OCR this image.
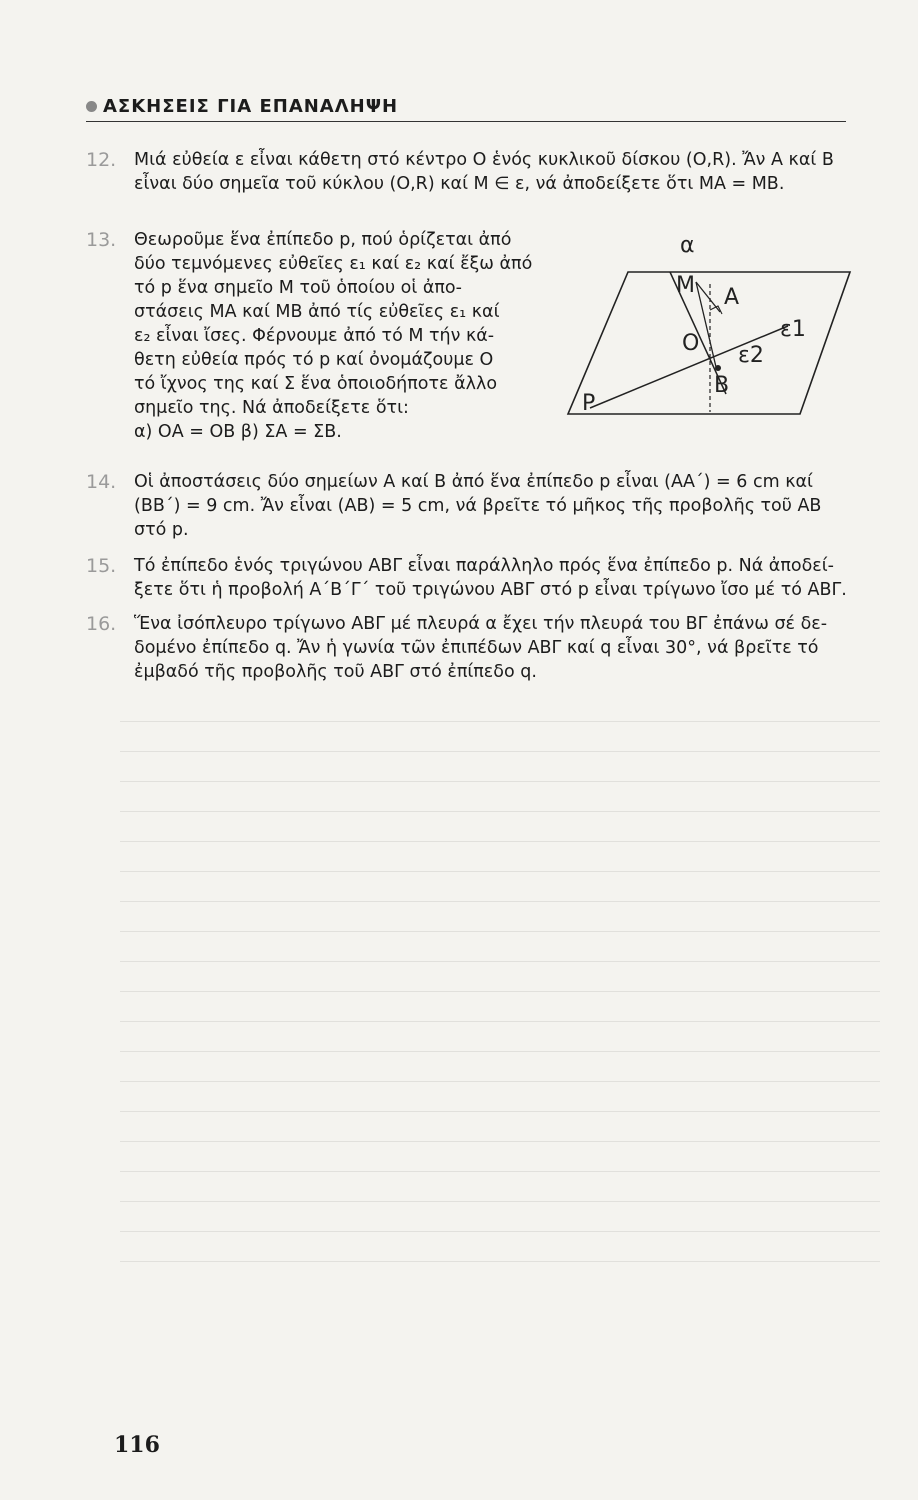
ΑΣΚΗΣΕΙΣ ΓΙΑ ΕΠΑΝΑΛΗΨΗ
12. Μιά εὐθεία ε εἶναι κάθετη στό κέντρο Ο ἑνός κυκλικοῦ δίσκου (Ο,R). Ἄν Α καί Β
εἶναι δύο σημεῖα τοῦ κύκλου (Ο,R) καί Μ ∈ ε, νά ἀποδείξετε ὅτι ΜΑ = ΜΒ.
13. Θεωροῦμε ἕνα ἐπίπεδο p, πού ὁρίζεται ἀπό
δύο τεμνόμενες εὐθεῖες ε₁ καί ε₂ καί ἔξω ἀπό
τό p ἕνα σημεῖο Μ τοῦ ὁποίου οἱ ἀπο-
στάσεις ΜΑ καί ΜΒ ἀπό τίς εὐθεῖες ε₁ καί
ε₂ εἶναι ἴσες. Φέρνουμε ἀπό τό Μ τήν κά-
θετη εὐθεία πρός τό p καί ὀνομάζουμε Ο
τό ἴχνος της καί Σ ἕνα ὁποιοδήποτε ἄλλο
σημεῖο της. Νά ἀποδείξετε ὅτι:
α) ΟΑ = ΟΒ β) ΣΑ = ΣΒ.
α
M A
O
ε1
ε2
B
P
14. Οἱ ἀποστάσεις δύο σημείων Α καί Β ἀπό ἕνα ἐπίπεδο p εἶναι (ΑΑ΄) = 6 cm καί
(ΒΒ΄) = 9 cm. Ἄν εἶναι (ΑΒ) = 5 cm, νά βρεῖτε τό μῆκος τῆς προβολῆς τοῦ ΑΒ
στό p.
15. Τό ἐπίπεδο ἑνός τριγώνου ΑΒΓ εἶναι παράλληλο πρός ἕνα ἐπίπεδο p. Νά ἀποδεί-
ξετε ὅτι ἡ προβολή Α΄Β΄Γ΄ τοῦ τριγώνου ΑΒΓ στό p εἶναι τρίγωνο ἴσο μέ τό ΑΒΓ.
16. Ἕνα ἰσόπλευρο τρίγωνο ΑΒΓ μέ πλευρά α ἔχει τήν πλευρά του ΒΓ ἐπάνω σέ δε-
δομένο ἐπίπεδο q. Ἄν ἡ γωνία τῶν ἐπιπέδων ΑΒΓ καί q εἶναι 30°, νά βρεῖτε τό
ἐμβαδό τῆς προβολῆς τοῦ ΑΒΓ στό ἐπίπεδο q.
116
